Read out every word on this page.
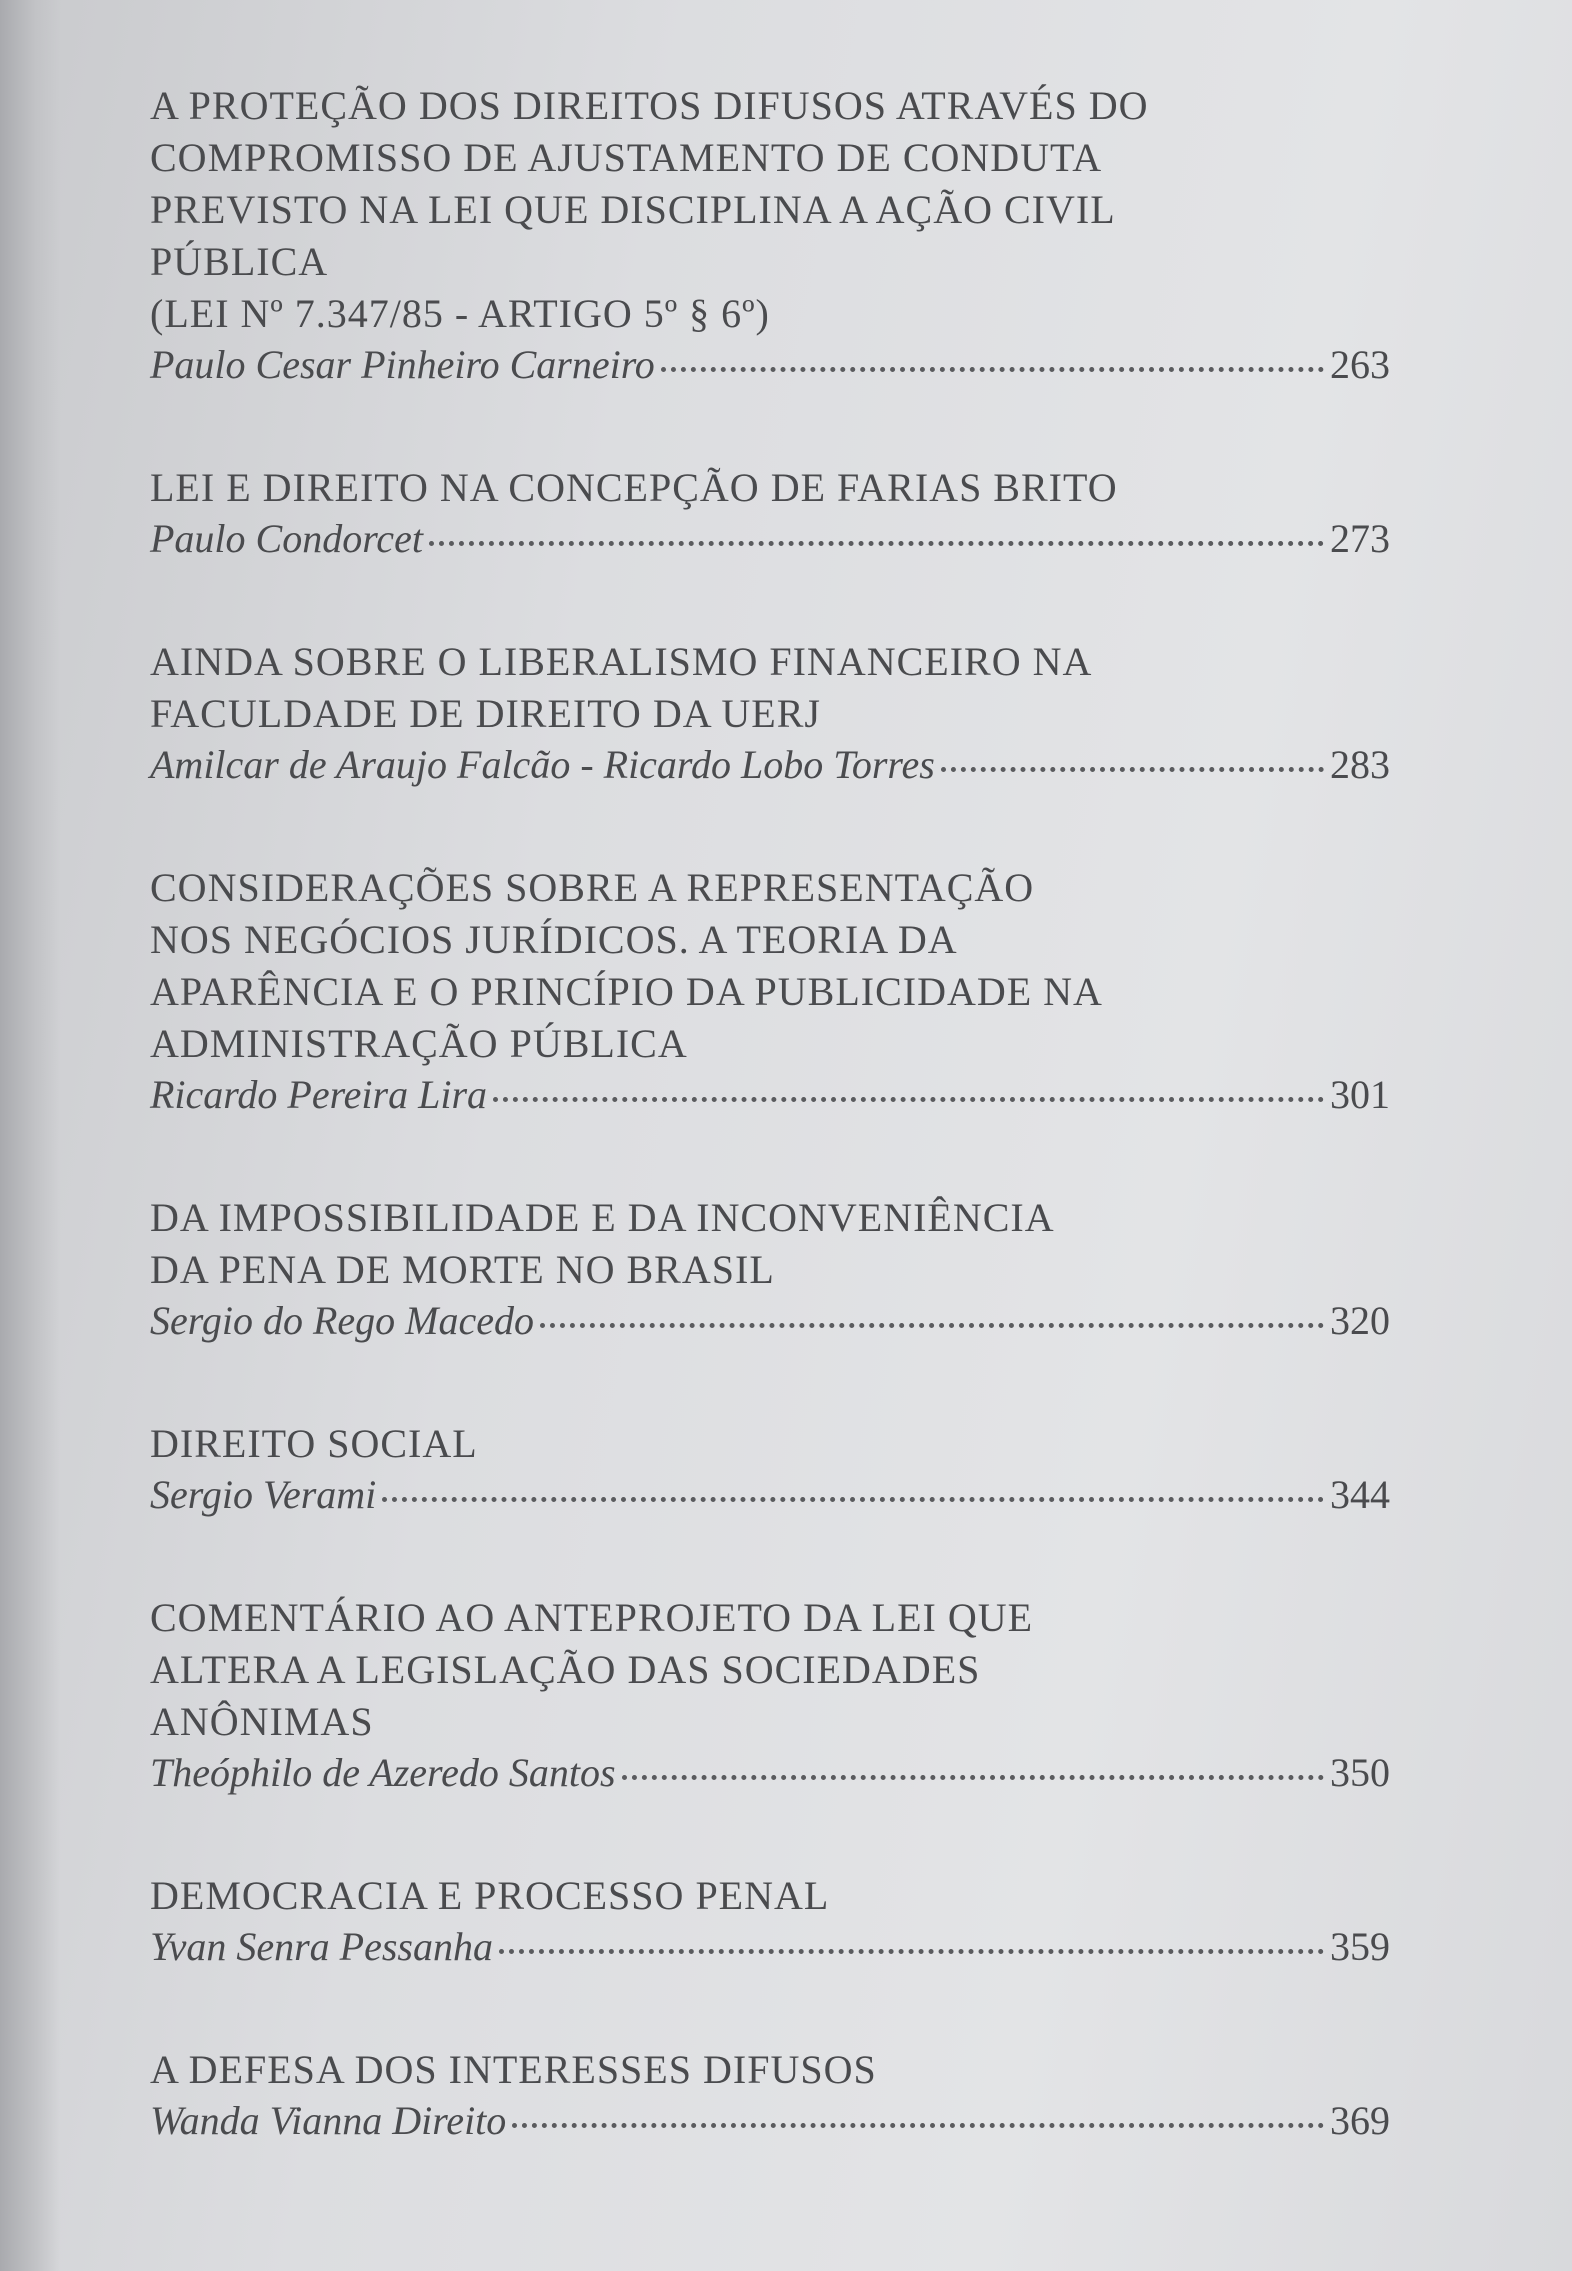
A PROTEÇÃO DOS DIREITOS DIFUSOS ATRAVÉS DO
COMPROMISSO DE AJUSTAMENTO DE CONDUTA
PREVISTO NA LEI QUE DISCIPLINA A AÇÃO CIVIL
PÚBLICA
(LEI Nº 7.347/85 - ARTIGO 5º § 6º)
Paulo Cesar Pinheiro Carneiro	263
LEI E DIREITO NA CONCEPÇÃO DE FARIAS BRITO
Paulo Condorcet	273
AINDA SOBRE O LIBERALISMO FINANCEIRO NA
FACULDADE DE DIREITO DA UERJ
Amilcar de Araujo Falcão - Ricardo Lobo Torres	283
CONSIDERAÇÕES SOBRE A REPRESENTAÇÃO
NOS NEGÓCIOS JURÍDICOS. A TEORIA DA
APARÊNCIA E O PRINCÍPIO DA PUBLICIDADE NA
ADMINISTRAÇÃO PÚBLICA
Ricardo Pereira Lira	301
DA IMPOSSIBILIDADE E DA INCONVENIÊNCIA
DA PENA DE MORTE NO BRASIL
Sergio do Rego Macedo	320
DIREITO SOCIAL
Sergio Verami	344
COMENTÁRIO AO ANTEPROJETO DA LEI QUE
ALTERA A LEGISLAÇÃO DAS SOCIEDADES
ANÔNIMAS
Theóphilo de Azeredo Santos	350
DEMOCRACIA E PROCESSO PENAL
Yvan Senra Pessanha	359
A DEFESA DOS INTERESSES DIFUSOS
Wanda Vianna Direito	369
